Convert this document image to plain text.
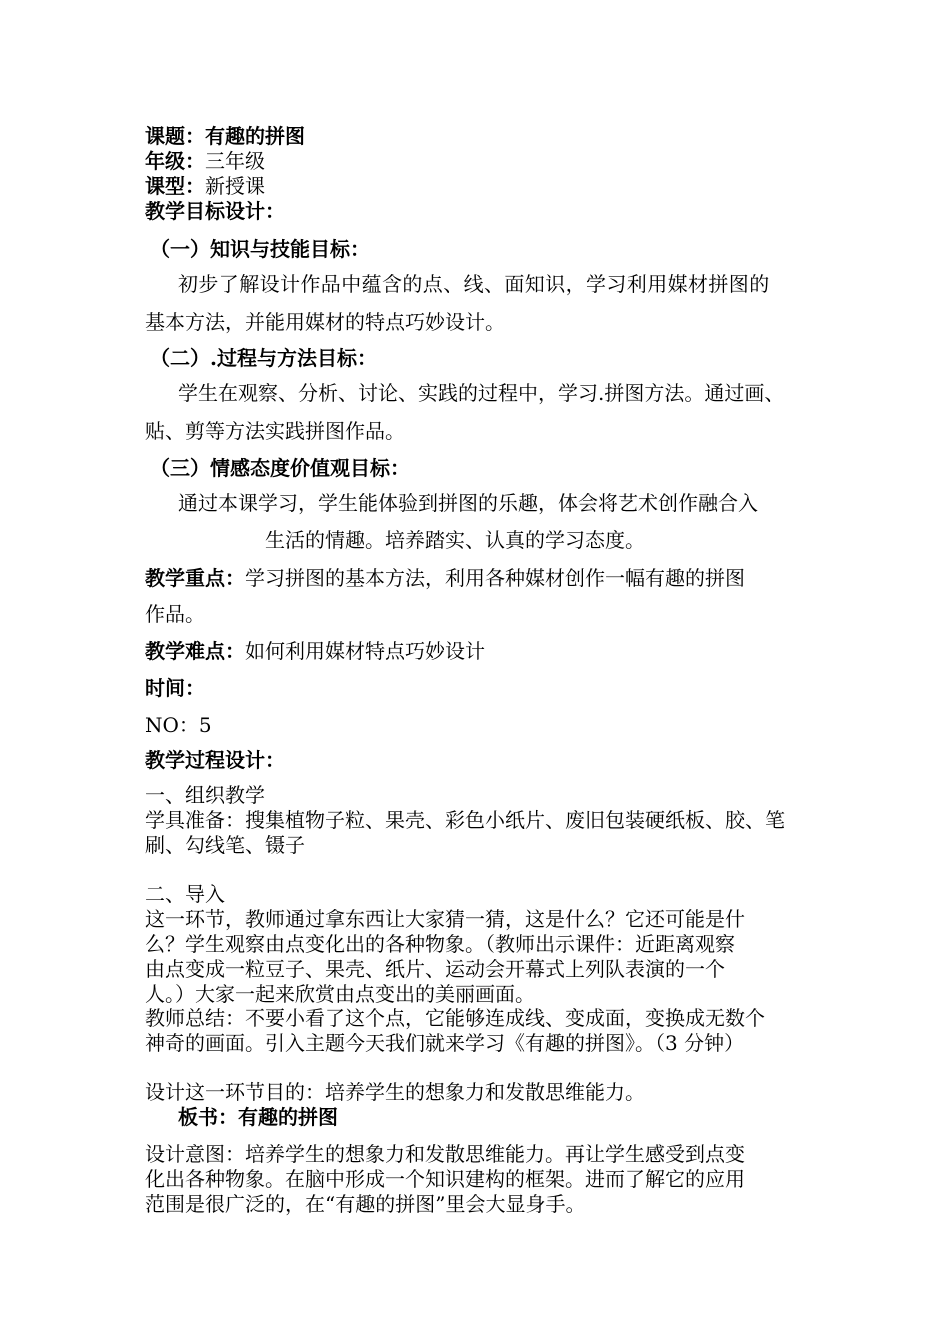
课题：有趣的拼图

年级：三年级

课型：新授课

教学目标设计：

（一）知识与技能目标：

初步了解设计作品中蕴含的点、线、面知识，学习利用媒材拼图的

基本方法，并能用媒材的特点巧妙设计。

（二）.过程与方法目标：

学生在观察、分析、讨论、实践的过程中，学习.拼图方法。通过画、

贴、剪等方法实践拼图作品。

（三）情感态度价值观目标：

通过本课学习，学生能体验到拼图的乐趣，体会将艺术创作融合入

生活的情趣。培养踏实、认真的学习态度。

教学重点：学习拼图的基本方法，利用各种媒材创作一幅有趣的拼图

作品。

教学难点：如何利用媒材特点巧妙设计

时间：

NO：5

教学过程设计：

一、组织教学

学具准备：搜集植物子粒、果壳、彩色小纸片、废旧包装硬纸板、胶、笔

刷、勾线笔、镊子

二、导入

这一环节，教师通过拿东西让大家猜一猜，这是什么？它还可能是什

么？学生观察由点变化出的各种物象。（教师出示课件：近距离观察

由点变成一粒豆子、果壳、纸片、运动会开幕式上列队表演的一个

人。）大家一起来欣赏由点变出的美丽画面。

教师总结：不要小看了这个点，它能够连成线、变成面，变换成无数个

神奇的画面。引入主题今天我们就来学习《有趣的拼图》。（3 分钟）

设计这一环节目的：培养学生的想象力和发散思维能力。

板书：有趣的拼图

设计意图：培养学生的想象力和发散思维能力。再让学生感受到点变

化出各种物象。在脑中形成一个知识建构的框架。进而了解它的应用

范围是很广泛的，在“有趣的拼图”里会大显身手。
